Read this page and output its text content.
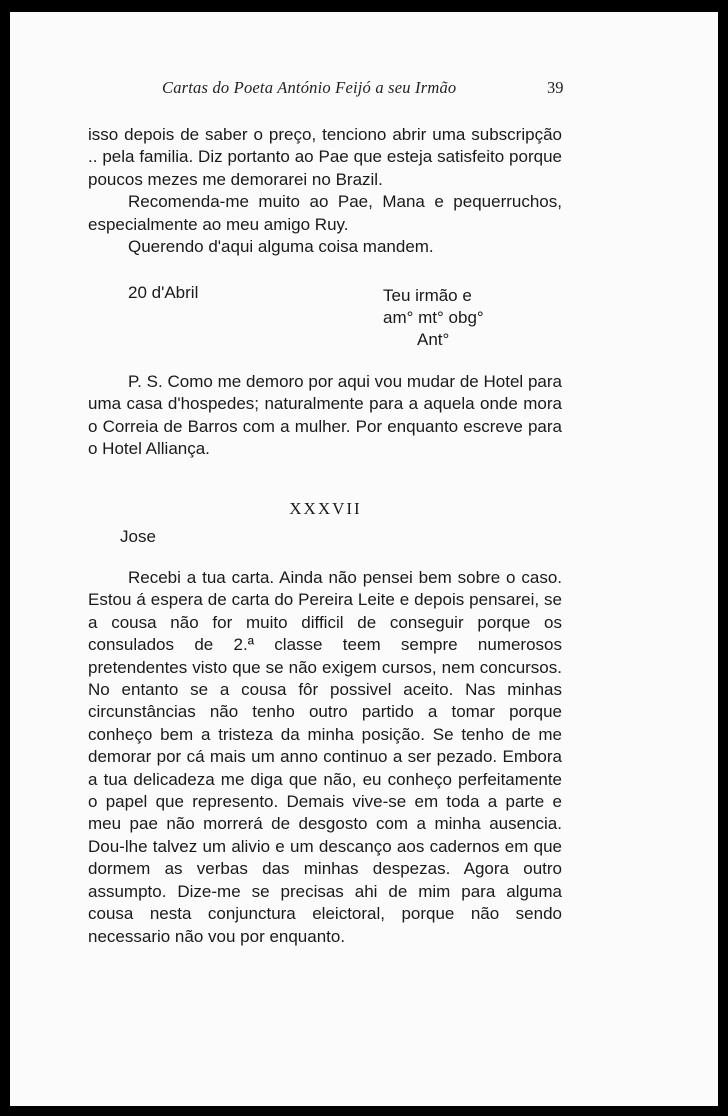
Cartas do Poeta António Feijó a seu Irmão	39

isso depois de saber o preço, tenciono abrir uma subscripção .. pela familia. Diz portanto ao Pae que esteja satisfeito porque poucos mezes me demorarei no Brazil.

Recomenda-me muito ao Pae, Mana e pequerruchos, especialmente ao meu amigo Ruy.

Querendo d'aqui alguma coisa mandem.

20 d'Abril	Teu irmão e
am° mt° obg°
Ant°

P. S. Como me demoro por aqui vou mudar de Hotel para uma casa d'hospedes; naturalmente para a aquela onde mora o Correia de Barros com a mulher. Por enquanto escreve para o Hotel Alliança.

XXXVII
Jose

Recebi a tua carta. Ainda não pensei bem sobre o caso. Estou á espera de carta do Pereira Leite e depois pensarei, se a cousa não for muito difficil de conseguir porque os consulados de 2.ª classe teem sempre numerosos pretendentes visto que se não exigem cursos, nem concursos. No entanto se a cousa fôr possivel aceito. Nas minhas circunstâncias não tenho outro partido a tomar porque conheço bem a tristeza da minha posição. Se tenho de me demorar por cá mais um anno continuo a ser pezado. Embora a tua delicadeza me diga que não, eu conheço perfeitamente o papel que represento. Demais vive-se em toda a parte e meu pae não morrerá de desgosto com a minha ausencia. Dou-lhe talvez um alivio e um descanço aos cadernos em que dormem as verbas das minhas despezas. Agora outro assumpto. Dize-me se precisas ahi de mim para alguma cousa nesta conjunctura eleictoral, porque não sendo necessario não vou por enquanto.
